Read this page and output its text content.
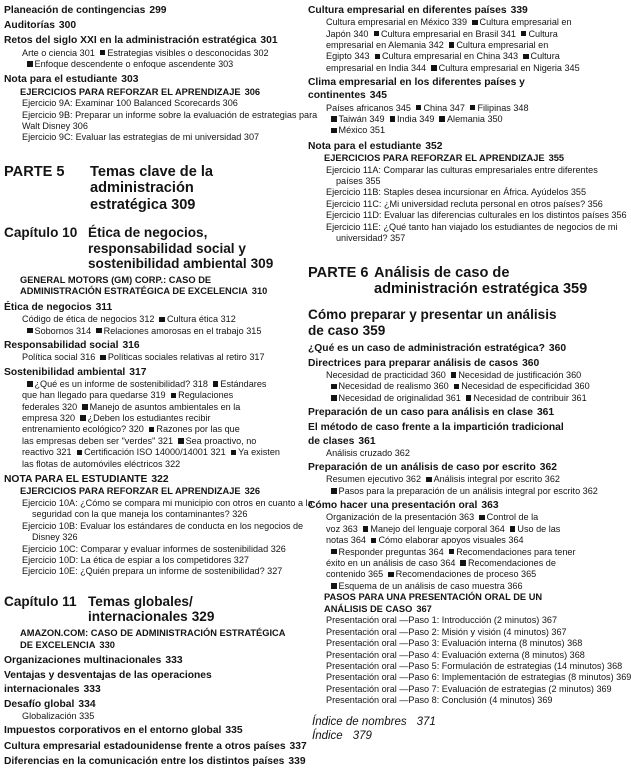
Planeación de contingencias 299
Auditorías 300
Retos del siglo XXI en la administración estratégica 301
Arte o ciencia 301 Estrategias visibles o desconocidas 302
Enfoque descendente o enfoque ascendente 303
Nota para el estudiante 303
EJERCICIOS PARA REFORZAR EL APRENDIZAJE 306
Ejercicio 9A: Examinar 100 Balanced Scorecards 306
Ejercicio 9B: Preparar un informe sobre la evaluación de estrategias para
Walt Disney 306
Ejercicio 9C: Evaluar las estrategias de mi universidad 307
PARTE 5 Temas clave de la administración estratégica 309
Capítulo 10 Ética de negocios, responsabilidad social y sostenibilidad ambiental 309
GENERAL MOTORS (GM) CORP.: CASO DE ADMINISTRACIÓN ESTRATÉGICA DE EXCELENCIA 310
Ética de negocios 311
Código de ética de negocios 312 Cultura ética 312
Sobornos 314 Relaciones amorosas en el trabajo 315
Responsabilidad social 316
Política social 316 Políticas sociales relativas al retiro 317
Sostenibilidad ambiental 317
¿Qué es un informe de sostenibilidad? 318 Estándares
que han llegado para quedarse 319 Regulaciones
federales 320 Manejo de asuntos ambientales en la
empresa 320 ¿Deben los estudiantes recibir
entrenamiento ecológico? 320 Razones por las que
las empresas deben ser "verdes" 321 Sea proactivo, no
reactivo 321 Certificación ISO 14000/14001 321 Ya existen
las flotas de automóviles eléctricos 322
NOTA PARA EL ESTUDIANTE 322
EJERCICIOS PARA REFORZAR EL APRENDIZAJE 326
Ejercicio 10A: ¿Cómo se compara mi municipio con otros en cuanto a la
seguridad con la que maneja los contaminantes? 326
Ejercicio 10B: Evaluar los estándares de conducta en los negocios de
Disney 326
Ejercicio 10C: Comparar y evaluar informes de sostenibilidad 326
Ejercicio 10D: La ética de espiar a los competidores 327
Ejercicio 10E: ¿Quién prepara un informe de sostenibilidad? 327
Capítulo 11 Temas globales/ internacionales 329
AMAZON.COM: CASO DE ADMINISTRACIÓN ESTRATÉGICA DE EXCELENCIA 330
Organizaciones multinacionales 333
Ventajas y desventajas de las operaciones internacionales 333
Desafío global 334
Globalización 335
Impuestos corporativos en el entorno global 335
Cultura empresarial estadounidense frente a otros países 337
Diferencias en la comunicación entre los distintos países 339
Cultura empresarial en diferentes países 339
Cultura empresarial en México 339 Cultura empresarial en
Japón 340 Cultura empresarial en Brasil 341 Cultura
empresarial en Alemania 342 Cultura empresarial en
Egipto 343 Cultura empresarial en China 343 Cultura
empresarial en India 344 Cultura empresarial en Nigeria 345
Clima empresarial en los diferentes países y continentes 345
Países africanos 345 China 347 Filipinas 348
Taiwán 349 India 349 Alemania 350
México 351
Nota para el estudiante 352
EJERCICIOS PARA REFORZAR EL APRENDIZAJE 355
Ejercicio 11A: Comparar las culturas empresariales entre diferentes
países 355
Ejercicio 11B: Staples desea incursionar en África. Ayúdelos 355
Ejercicio 11C: ¿Mi universidad recluta personal en otros países? 356
Ejercicio 11D: Evaluar las diferencias culturales en los distintos países 356
Ejercicio 11E: ¿Qué tanto han viajado los estudiantes de negocios de mi
universidad? 357
PARTE 6 Análisis de caso de administración estratégica 359
Cómo preparar y presentar un análisis de caso 359
¿Qué es un caso de administración estratégica? 360
Directrices para preparar análisis de casos 360
Necesidad de practicidad 360 Necesidad de justificación 360
Necesidad de realismo 360 Necesidad de especificidad 360
Necesidad de originalidad 361 Necesidad de contribuir 361
Preparación de un caso para análisis en clase 361
El método de caso frente a la impartición tradicional de clases 361
Análisis cruzado 362
Preparación de un análisis de caso por escrito 362
Resumen ejecutivo 362 Análisis integral por escrito 362
Pasos para la preparación de un análisis integral por escrito 362
Cómo hacer una presentación oral 363
Organización de la presentación 363 Control de la
voz 363 Manejo del lenguaje corporal 364 Uso de las
notas 364 Cómo elaborar apoyos visuales 364
Responder preguntas 364 Recomendaciones para tener
éxito en un análisis de caso 364 Recomendaciones de
contenido 365 Recomendaciones de proceso 365
Esquema de un análisis de caso muestra 366
PASOS PARA UNA PRESENTACIÓN ORAL DE UN ANÁLISIS DE CASO 367
Presentación oral —Paso 1: Introducción (2 minutos) 367
Presentación oral —Paso 2: Misión y visión (4 minutos) 367
Presentación oral —Paso 3: Evaluación interna (8 minutos) 368
Presentación oral —Paso 4: Evaluación externa (8 minutos) 368
Presentación oral —Paso 5: Formulación de estrategias (14 minutos) 368
Presentación oral —Paso 6: Implementación de estrategias (8 minutos) 369
Presentación oral —Paso 7: Evaluación de estrategias (2 minutos) 369
Presentación oral —Paso 8: Conclusión (4 minutos) 369
Índice de nombres 371
Índice 379
